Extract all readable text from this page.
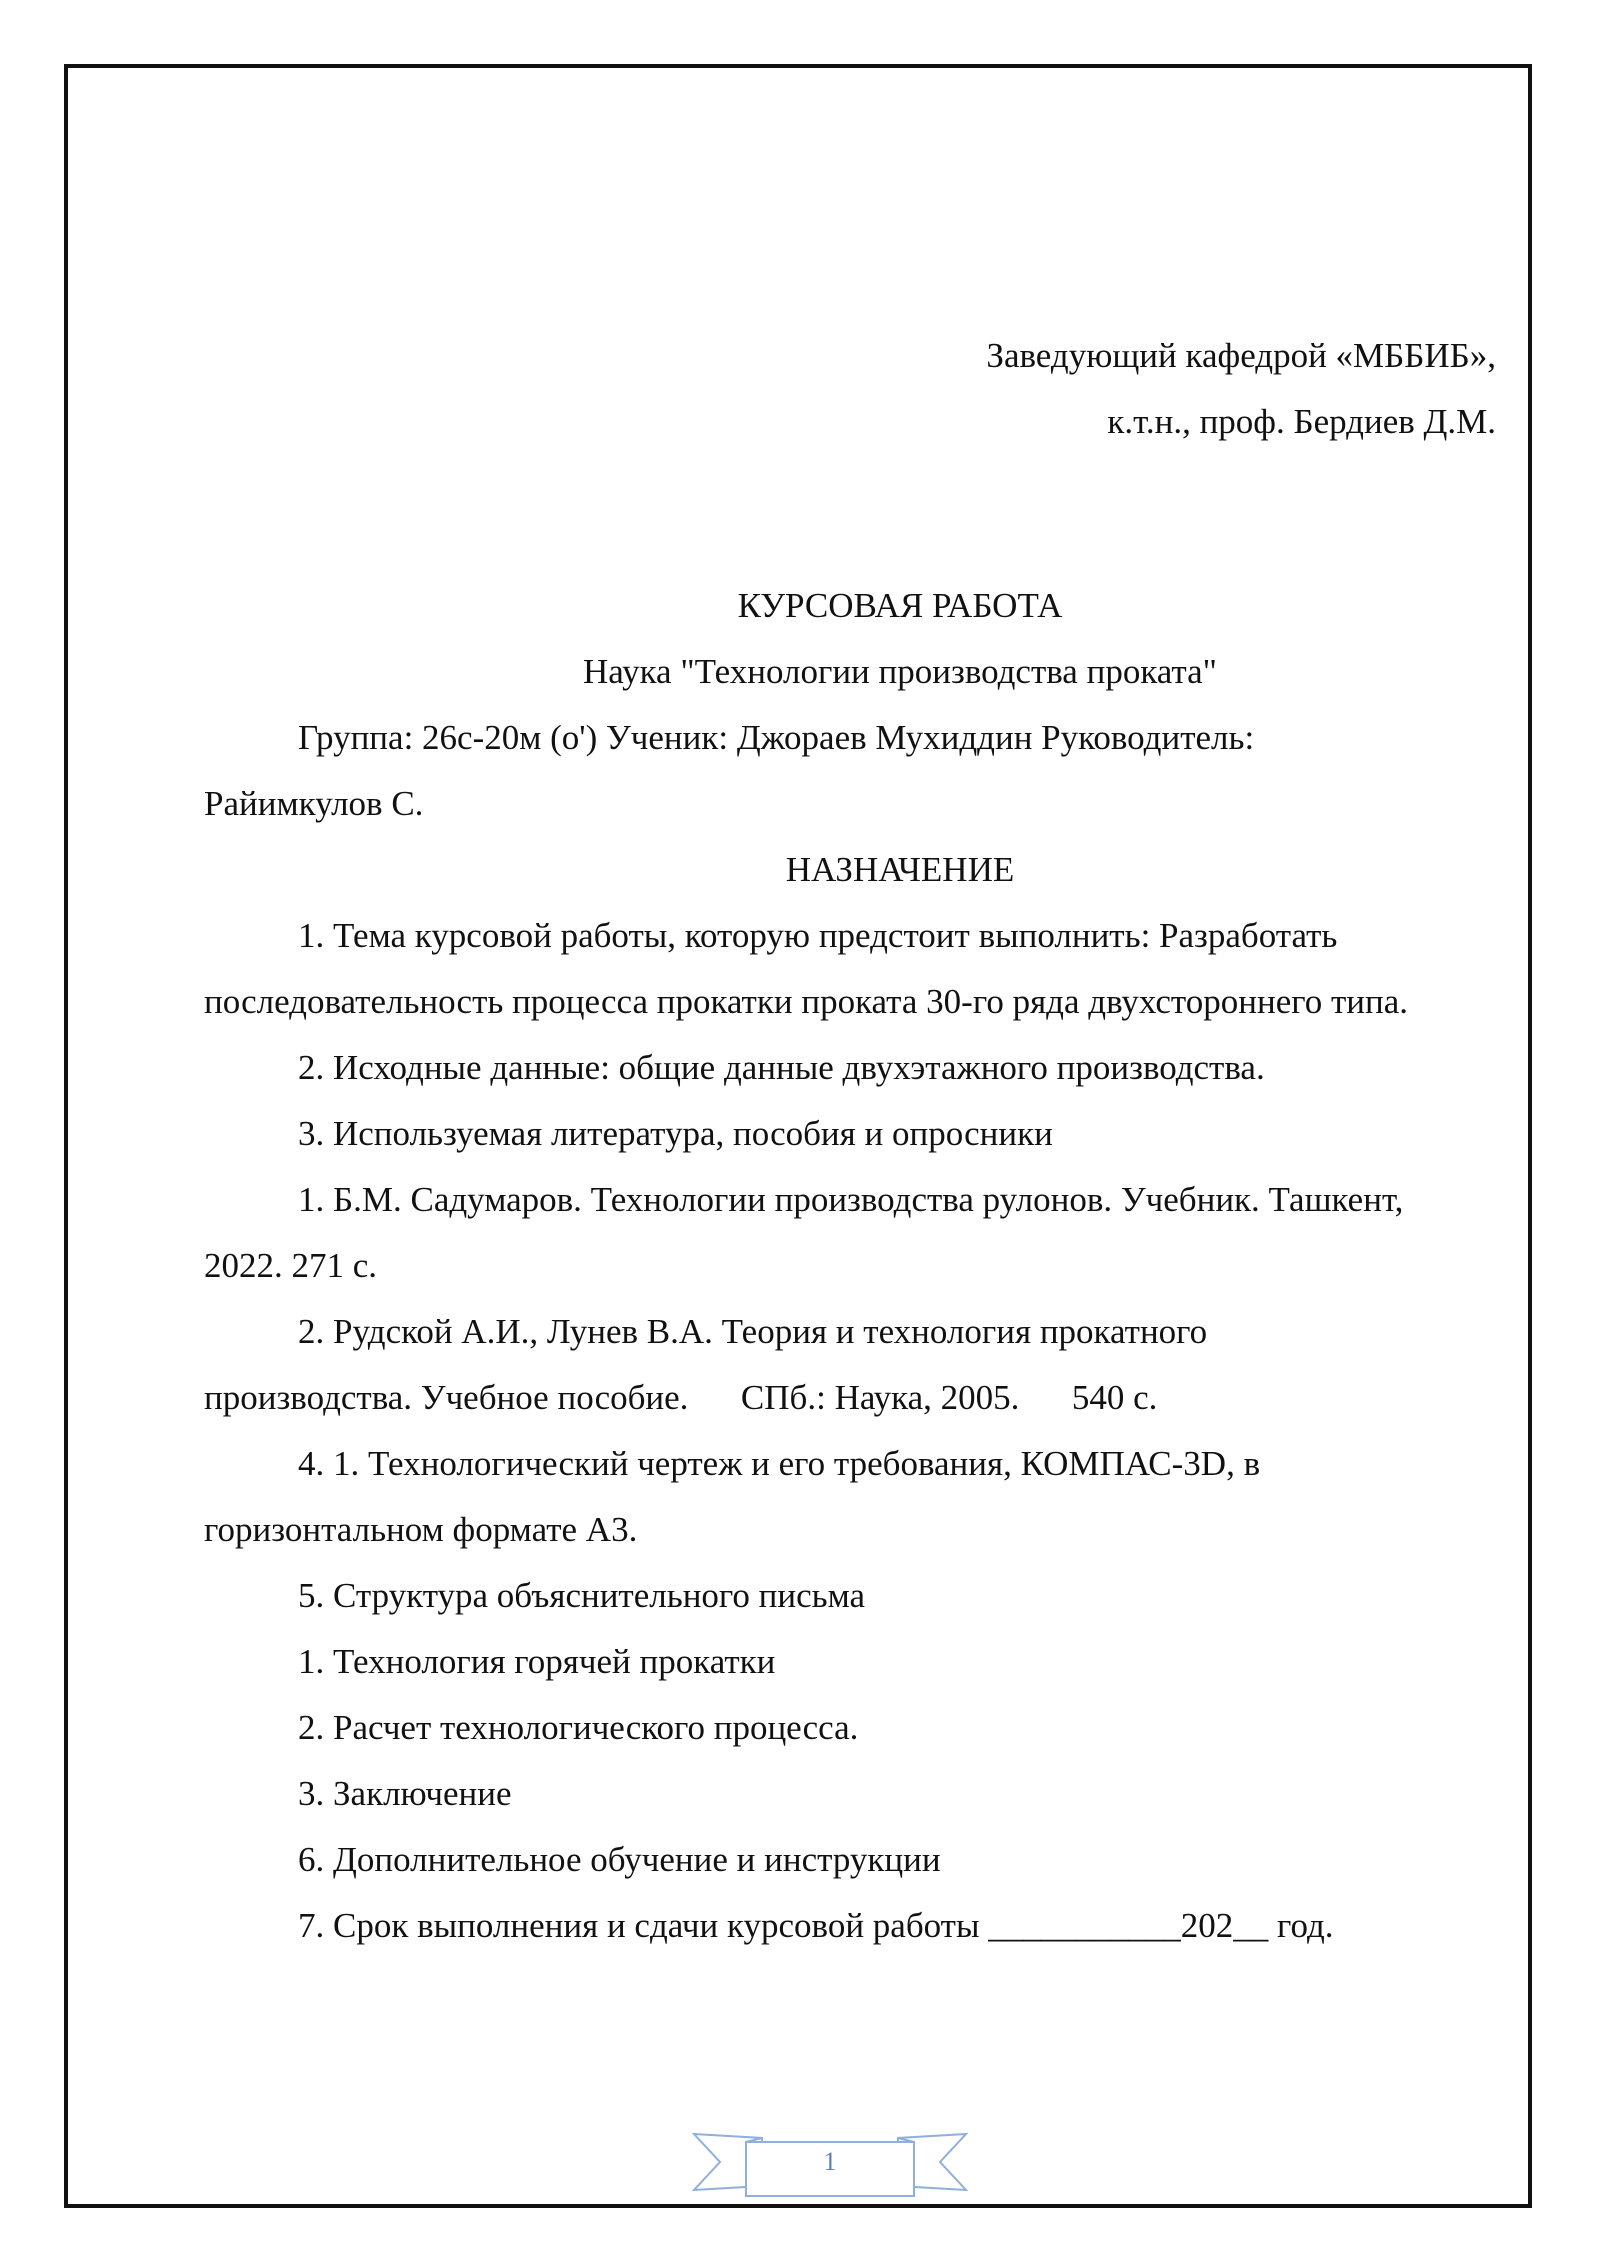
Заведующий кафедрой «МББИБ»,
к.т.н., проф. Бердиев Д.М.
КУРСОВАЯ РАБОТА
Наука "Технологии производства проката"
Группа: 26с-20м (о') Ученик: Джораев Мухиддин Руководитель:
Райимкулов С.
НАЗНАЧЕНИЕ
1. Тема курсовой работы, которую предстоит выполнить: Разработать
последовательность процесса прокатки проката 30-го ряда двухстороннего типа.
2. Исходные данные: общие данные двухэтажного производства.
3. Используемая литература, пособия и опросники
1. Б.М. Садумаров. Технологии производства рулонов. Учебник. Ташкент,
2022. 271 с.
2. Рудской А.И., Лунев В.А. Теория и технология прокатного
производства. Учебное пособие.      СПб.: Наука, 2005.      540 с.
4. 1. Технологический чертеж и его требования, КОМПАС-3D, в
горизонтальном формате А3.
5. Структура объяснительного письма
1. Технология горячей прокатки
2. Расчет технологического процесса.
3. Заключение
6. Дополнительное обучение и инструкции
7. Срок выполнения и сдачи курсовой работы ___________202__ год.
1
